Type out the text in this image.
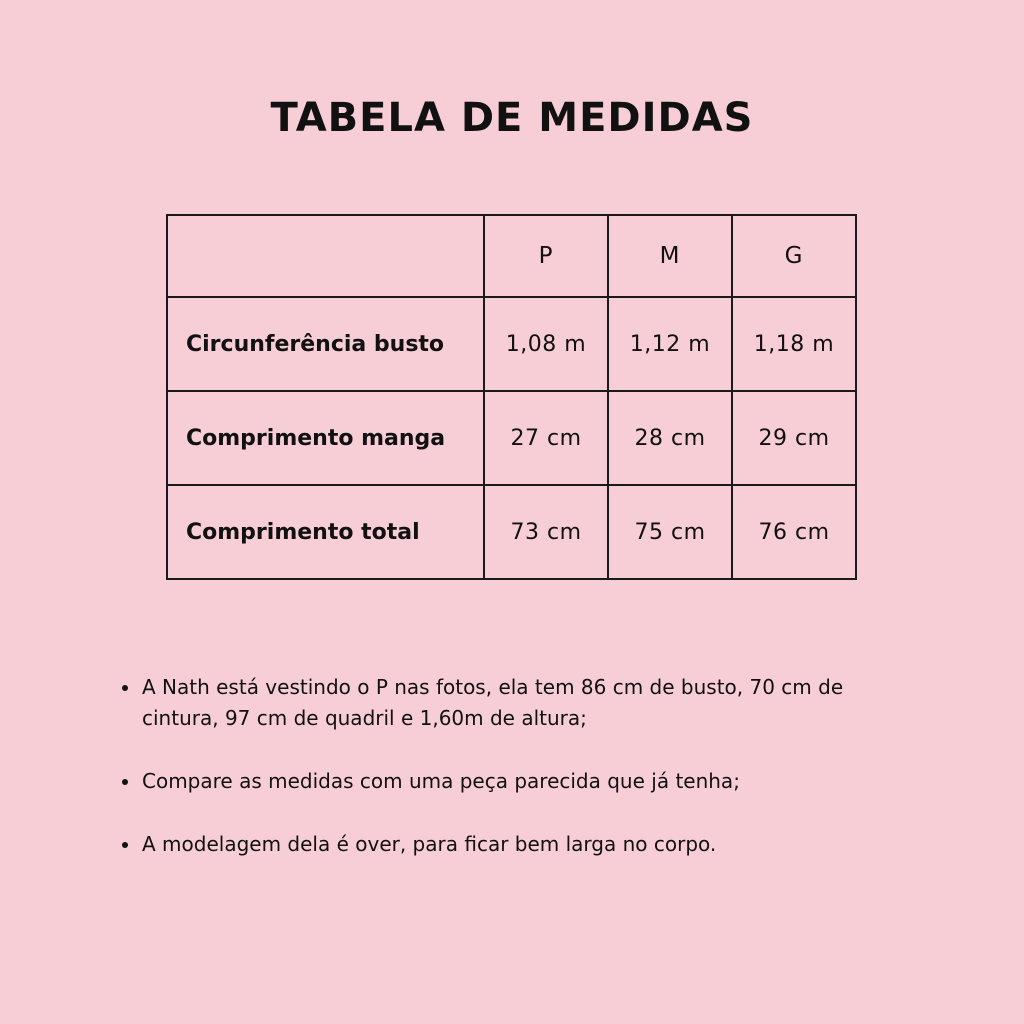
TABELA DE MEDIDAS
	P	M	G
Circunferência busto	1,08 m	1,12 m	1,18 m
Comprimento manga	27 cm	28 cm	29 cm
Comprimento total	73 cm	75 cm	76 cm
A Nath está vestindo o P nas fotos, ela tem 86 cm de busto, 70 cm de cintura, 97 cm de quadril e 1,60m de altura;
Compare as medidas com uma peça parecida que já tenha;
A modelagem dela é over, para ficar bem larga no corpo.
